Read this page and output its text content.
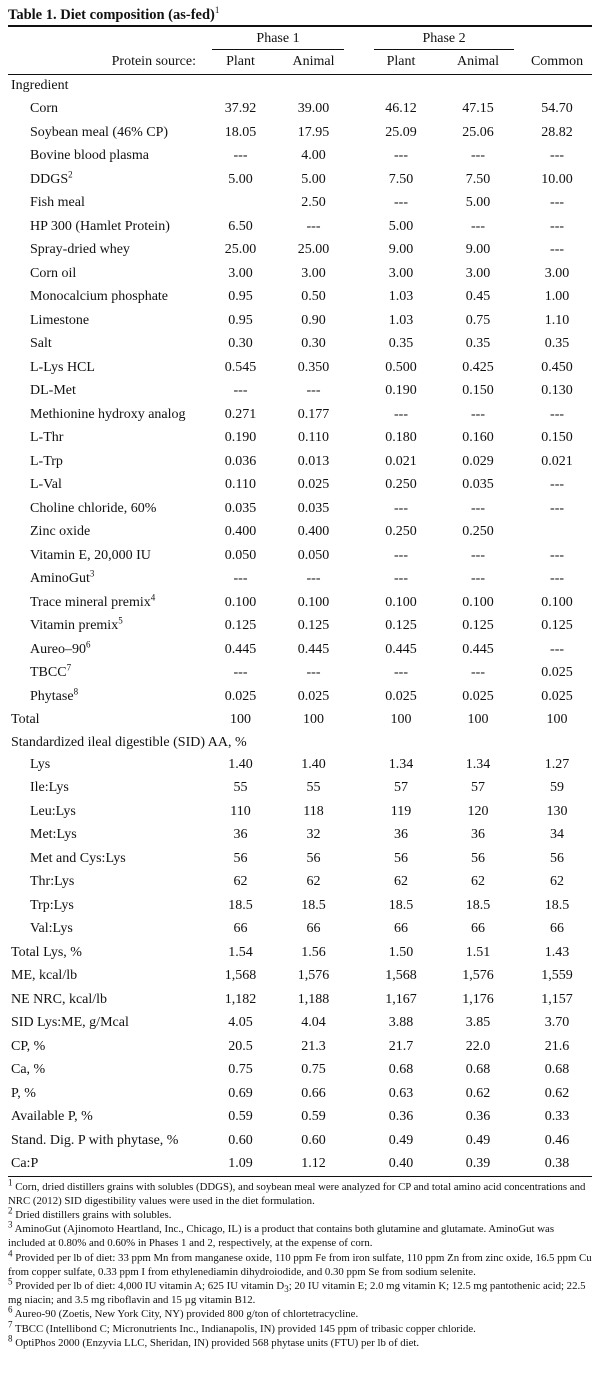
Table 1. Diet composition $(as-fed)^1$

	Phase 1			Phase 2		

Protein source:	Plant	Animal		Plant	Animal	Common
Ingredient						
Corn	37.92	39.00		46.12	47.15	54.70
Soybean meal (46% CP)	18.05	17.95		25.09	25.06	28.82
Bovine blood plasma	---	4.00		---	---	---
DDGS$^2$	5.00	5.00		7.50	7.50	10.00
Fish meal		2.50		---	5.00	---
HP 300 (Hamlet Protein)	6.50	---		5.00	---	---
Spray-dried whey	25.00	25.00		9.00	9.00	---
Corn oil	3.00	3.00		3.00	3.00	3.00
Monocalcium phosphate	0.95	0.50		1.03	0.45	1.00
Limestone	0.95	0.90		1.03	0.75	1.10
Salt	0.30	0.30		0.35	0.35	0.35
L-Lys HCL	0.545	0.350		0.500	0.425	0.450
DL-Met	---	---		0.190	0.150	0.130
Methionine hydroxy analog	0.271	0.177		---	---	---
L-Thr	0.190	0.110		0.180	0.160	0.150
L-Trp	0.036	0.013		0.021	0.029	0.021
L-Val	0.110	0.025		0.250	0.035	---
Choline chloride, 60%	0.035	0.035		---	---	---
Zinc oxide	0.400	0.400		0.250	0.250	
Vitamin E, 20,000 IU	0.050	0.050		---	---	---
AminoGut$^3$	---	---		---	---	---
Trace mineral premix$^4$	0.100	0.100		0.100	0.100	0.100
Vitamin premix$^5$	0.125	0.125		0.125	0.125	0.125
Aureo–$90^6$	0.445	0.445		0.445	0.445	---
TBCC$^7$	---	---		---	---	0.025
Phytase$^8$	0.025	0.025		0.025	0.025	0.025
Total	100	100		100	100	100
Standardized ileal digestible (SID) AA, %						
Lys	1.40	1.40		1.34	1.34	1.27
Ile:Lys	55	55		57	57	59
Leu:Lys	110	118		119	120	130
Met:Lys	36	32		36	36	34
Met and Cys:Lys	56	56		56	56	56
Thr:Lys	62	62		62	62	62
Trp:Lys	18.5	18.5		18.5	18.5	18.5
Val:Lys	66	66		66	66	66
Total Lys, %	1.54	1.56		1.50	1.51	1.43
ME, kcal/lb	1,568	1,576		1,568	1,576	1,559
NE NRC, kcal/lb	1,182	1,188		1,167	1,176	1,157
SID Lys:ME, g/Mcal	4.05	4.04		3.88	3.85	3.70
CP, %	20.5	21.3		21.7	22.0	21.6
Ca, %	0.75	0.75		0.68	0.68	0.68
P, %	0.69	0.66		0.63	0.62	0.62
Available P, %	0.59	0.59		0.36	0.36	0.33
Stand. Dig. P with phytase, %	0.60	0.60		0.49	0.49	0.46
Ca:P	1.09	1.12		0.40	0.39	0.38

$^1$ Corn, dried distillers grains with solubles (DDGS), and soybean meal were analyzed for CP and total amino acid concentrations and NRC (2012) SID digestibility values were used in the diet formulation.

$^2$ Dried distillers grains with solubles.

$^3$ AminoGut (Ajinomoto Heartland, Inc., Chicago, IL) is a product that contains both glutamine and glutamate. AminoGut was included at 0.80% and 0.60% in Phases 1 and 2, respectively, at the expense of corn.

$^4$ Provided per lb of diet: 33 ppm Mn from manganese oxide, 110 ppm Fe from iron sulfate, 110 ppm Zn from zinc oxide, 16.5 ppm Cu from copper sulfate, 0.33 ppm I from ethylenediamin dihydroiodide, and 0.30 ppm Se from sodium selenite.

$^5$ Provided per lb of diet: 4,000 IU vitamin A; 625 IU vitamin $D_3$; 20 IU vitamin E; 2.0 mg vitamin K; 12.5 mg pantothenic acid; 22.5 mg niacin; and 3.5 mg riboflavin and 15 µg vitamin B12.

$^6$ Aureo-90 (Zoetis, New York City, NY) provided 800 g/ton of chlortetracycline.

$^7$ TBCC (Intellibond C; Micronutrients Inc., Indianapolis, IN) provided 145 ppm of tribasic copper chloride.

$^8$ OptiPhos 2000 (Enzyvia LLC, Sheridan, IN) provided 568 phytase units (FTU) per lb of diet.
